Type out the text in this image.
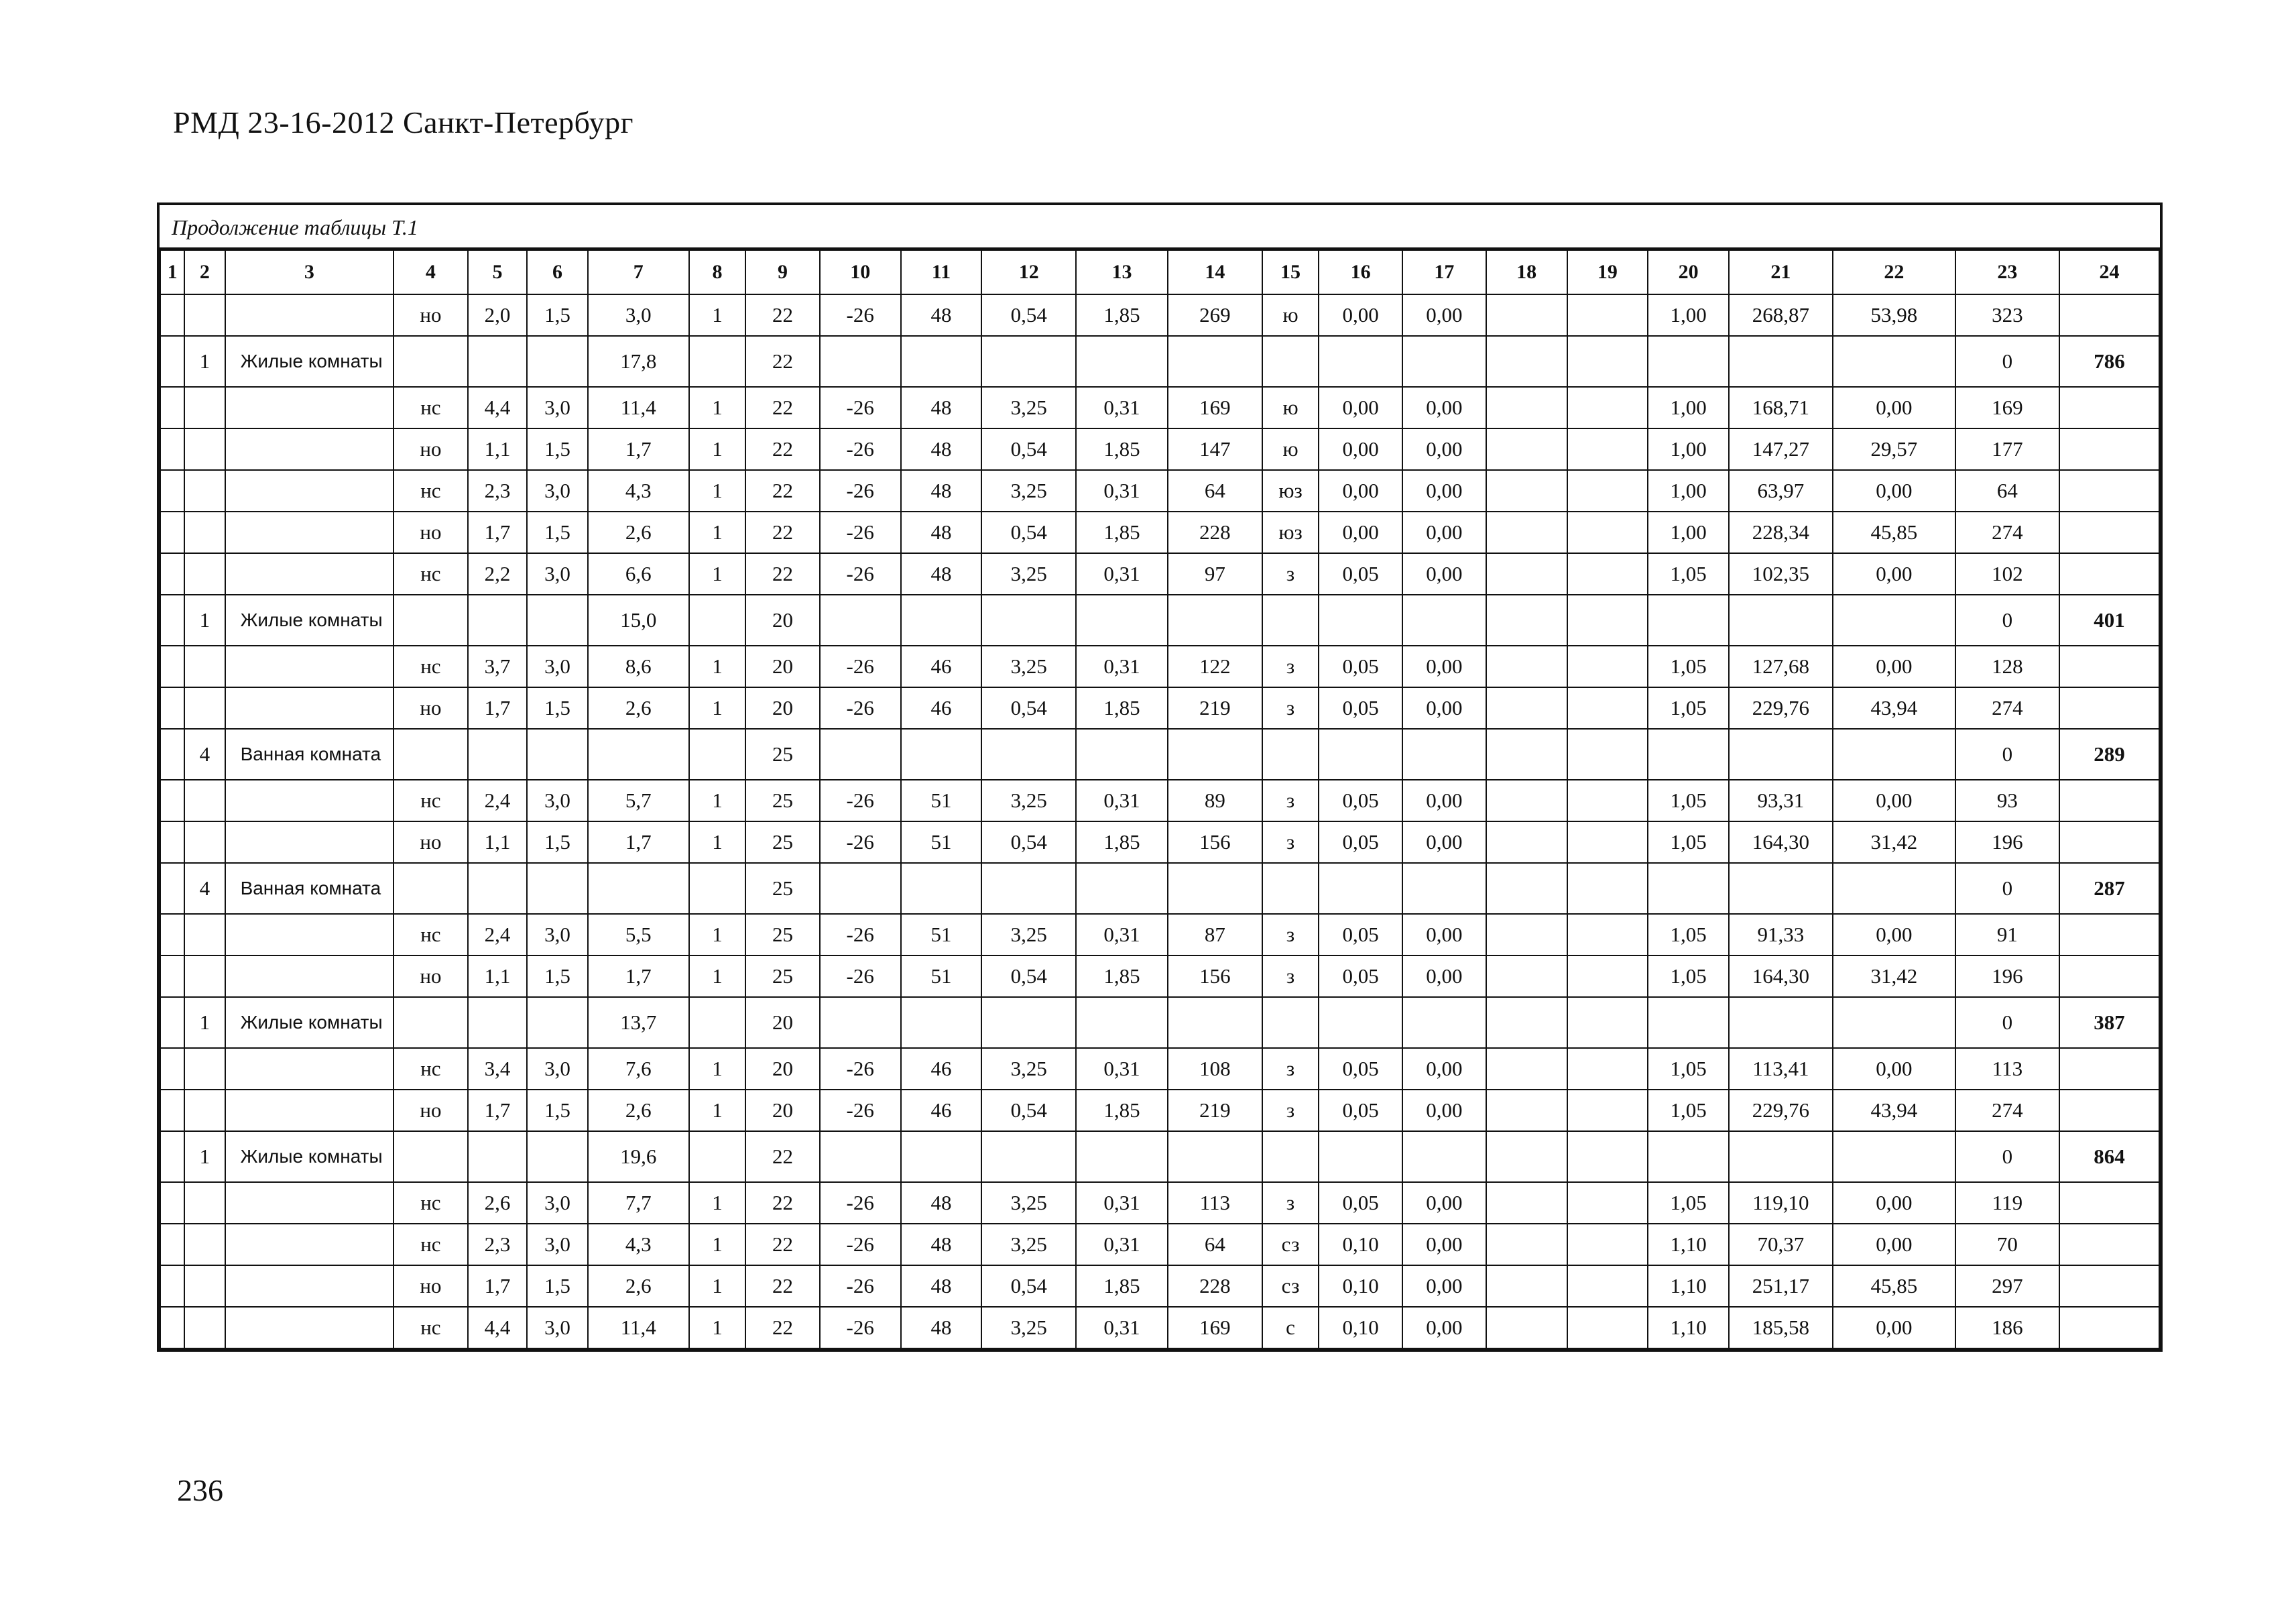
РМД 23-16-2012 Санкт-Петербург
Продолжение таблицы Т.1
1	2	3	4	5	6	7	8	9	10	11	12	13	14	15	16	17	18	19	20	21	22	23	24
			но	2,0	1,5	3,0	1	22	-26	48	0,54	1,85	269	ю	0,00	0,00			1,00	268,87	53,98	323	
	1	Жилые комнаты				17,8		22														0	786
			нс	4,4	3,0	11,4	1	22	-26	48	3,25	0,31	169	ю	0,00	0,00			1,00	168,71	0,00	169	
			но	1,1	1,5	1,7	1	22	-26	48	0,54	1,85	147	ю	0,00	0,00			1,00	147,27	29,57	177	
			нс	2,3	3,0	4,3	1	22	-26	48	3,25	0,31	64	юз	0,00	0,00			1,00	63,97	0,00	64	
			но	1,7	1,5	2,6	1	22	-26	48	0,54	1,85	228	юз	0,00	0,00			1,00	228,34	45,85	274	
			нс	2,2	3,0	6,6	1	22	-26	48	3,25	0,31	97	з	0,05	0,00			1,05	102,35	0,00	102	
	1	Жилые комнаты				15,0		20														0	401
			нс	3,7	3,0	8,6	1	20	-26	46	3,25	0,31	122	з	0,05	0,00			1,05	127,68	0,00	128	
			но	1,7	1,5	2,6	1	20	-26	46	0,54	1,85	219	з	0,05	0,00			1,05	229,76	43,94	274	
	4	Ванная комната						25														0	289
			нс	2,4	3,0	5,7	1	25	-26	51	3,25	0,31	89	з	0,05	0,00			1,05	93,31	0,00	93	
			но	1,1	1,5	1,7	1	25	-26	51	0,54	1,85	156	з	0,05	0,00			1,05	164,30	31,42	196	
	4	Ванная комната						25														0	287
			нс	2,4	3,0	5,5	1	25	-26	51	3,25	0,31	87	з	0,05	0,00			1,05	91,33	0,00	91	
			но	1,1	1,5	1,7	1	25	-26	51	0,54	1,85	156	з	0,05	0,00			1,05	164,30	31,42	196	
	1	Жилые комнаты				13,7		20														0	387
			нс	3,4	3,0	7,6	1	20	-26	46	3,25	0,31	108	з	0,05	0,00			1,05	113,41	0,00	113	
			но	1,7	1,5	2,6	1	20	-26	46	0,54	1,85	219	з	0,05	0,00			1,05	229,76	43,94	274	
	1	Жилые комнаты				19,6		22														0	864
			нс	2,6	3,0	7,7	1	22	-26	48	3,25	0,31	113	з	0,05	0,00			1,05	119,10	0,00	119	
			нс	2,3	3,0	4,3	1	22	-26	48	3,25	0,31	64	сз	0,10	0,00			1,10	70,37	0,00	70	
			но	1,7	1,5	2,6	1	22	-26	48	0,54	1,85	228	сз	0,10	0,00			1,10	251,17	45,85	297	
			нс	4,4	3,0	11,4	1	22	-26	48	3,25	0,31	169	с	0,10	0,00			1,10	185,58	0,00	186	
236
